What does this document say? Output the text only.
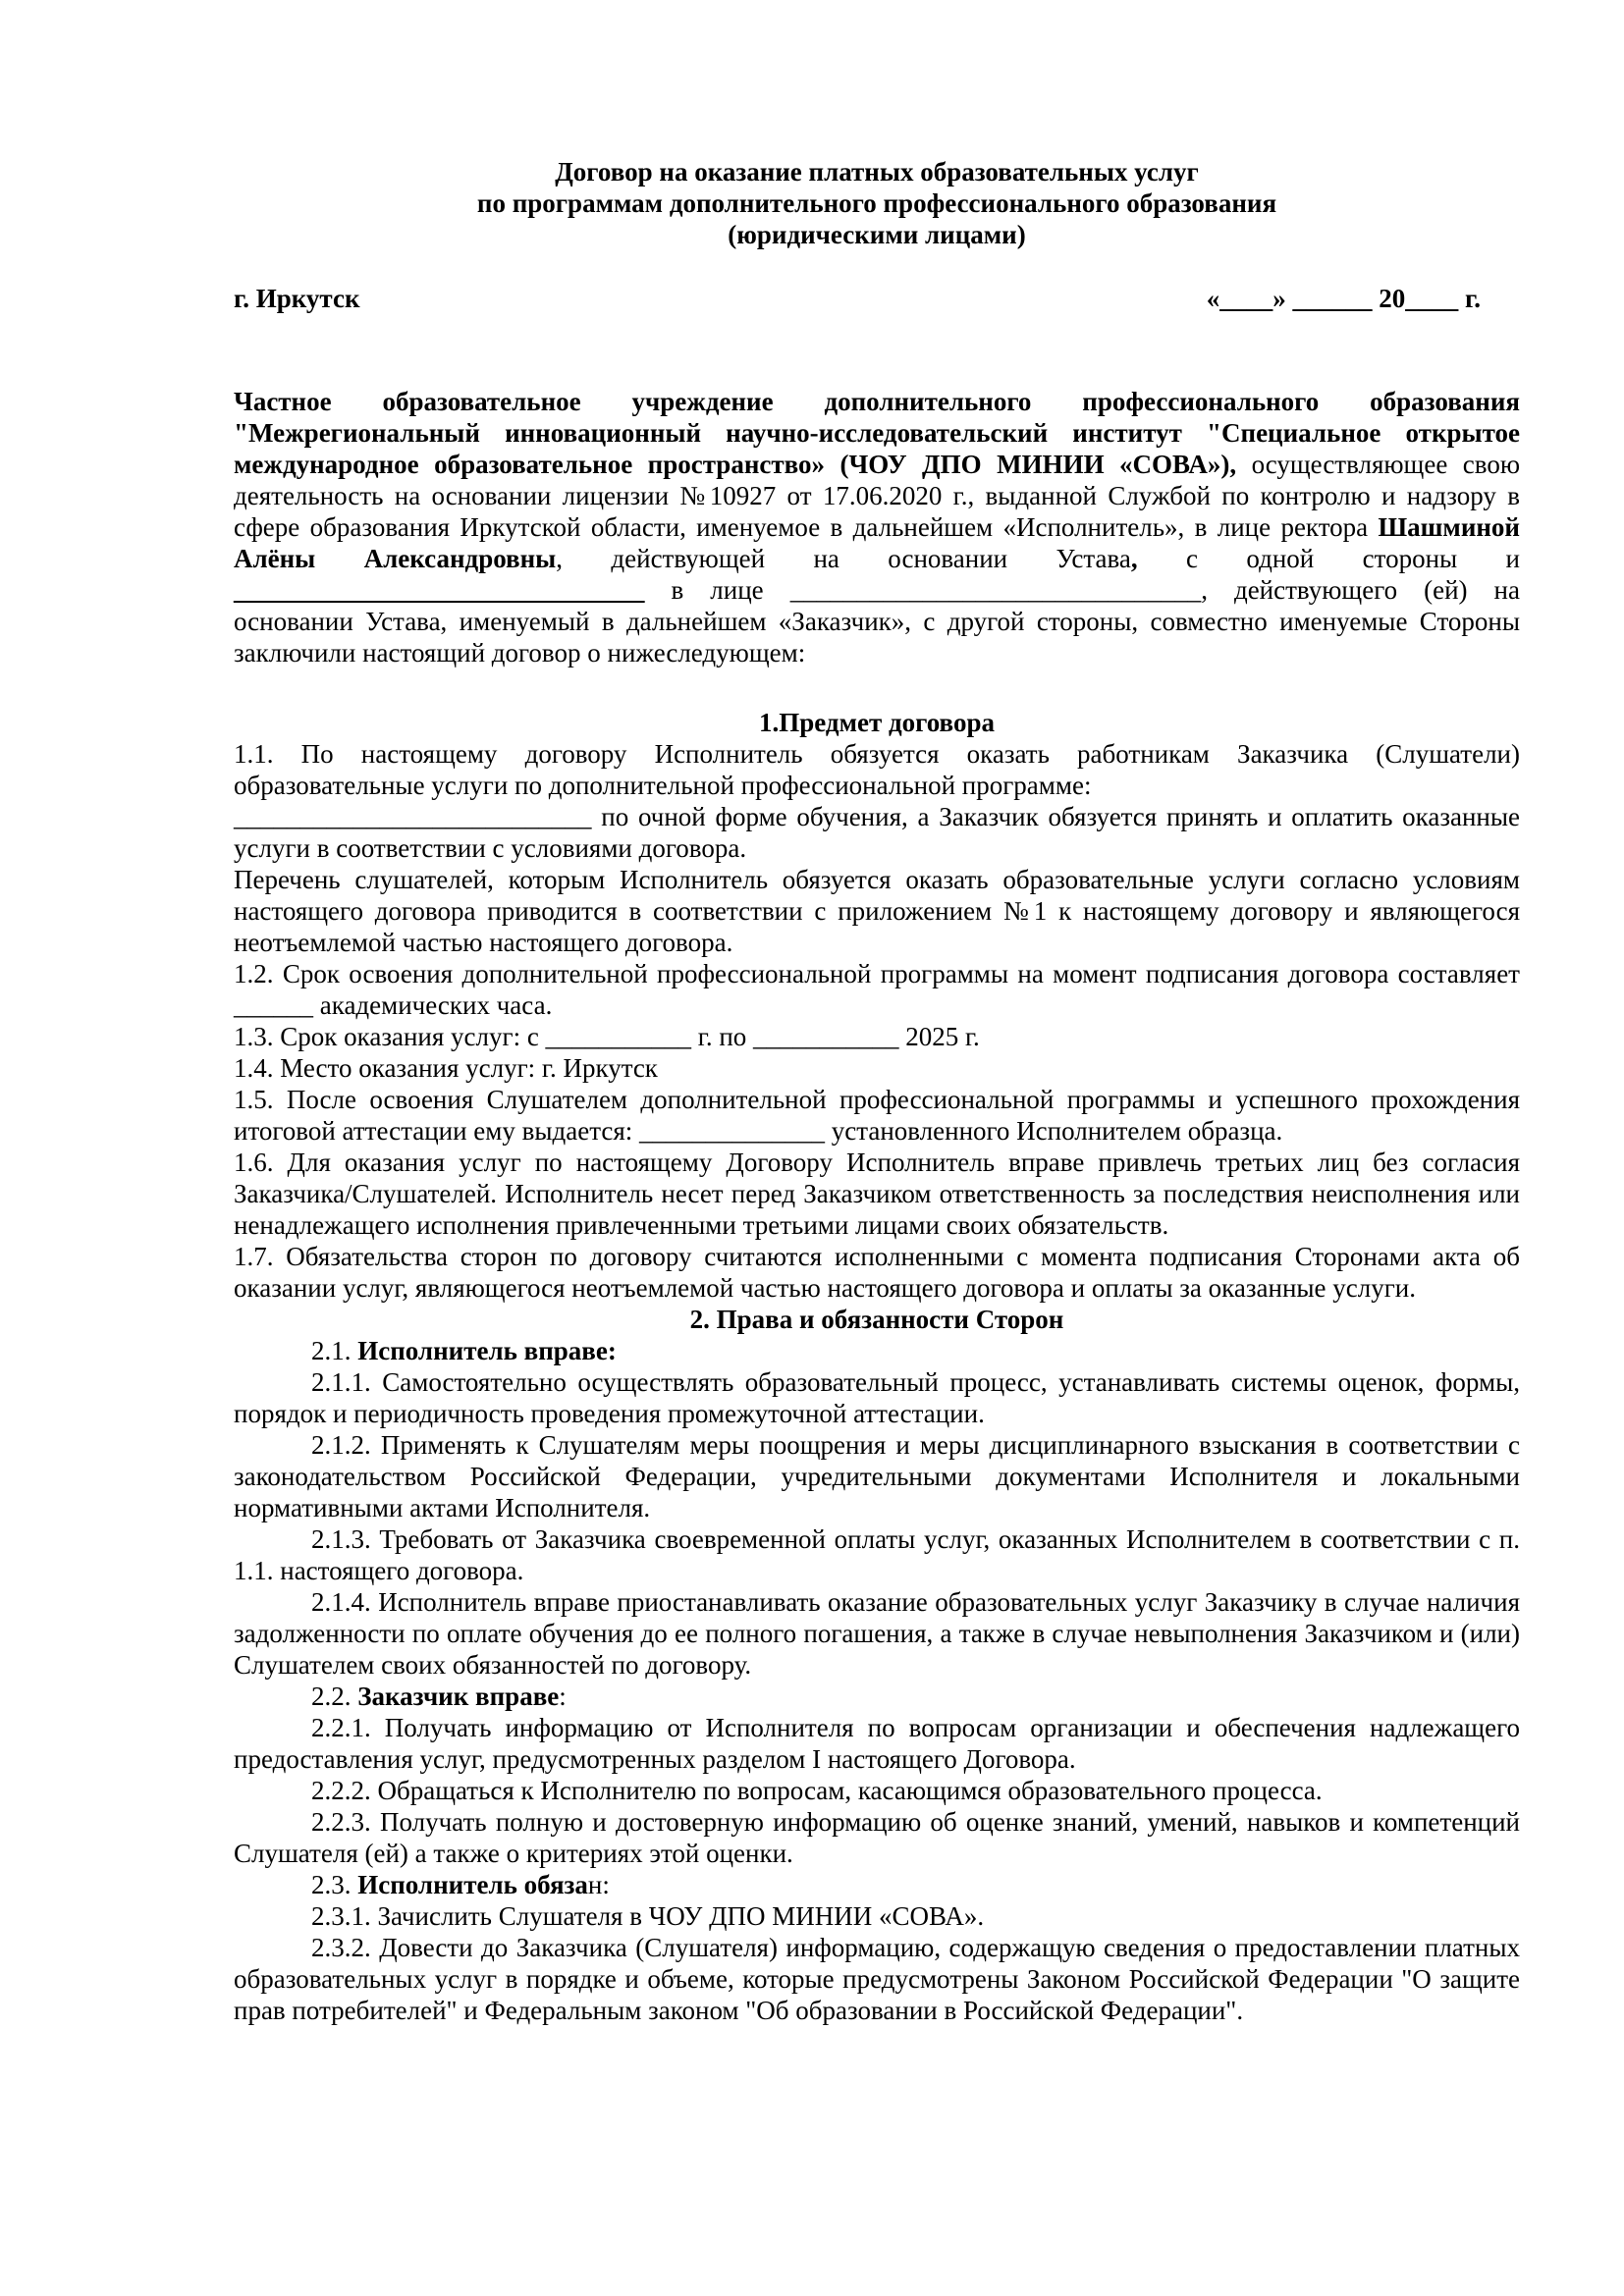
Договор на оказание платных образовательных услуг
по программам дополнительного профессионального образования
(юридическими лицами)
г. Иркутск	«____» ______ 20____ г.

Частное образовательное учреждение дополнительного профессионального образования "Межрегиональный инновационный научно-исследовательский институт "Специальное открытое международное образовательное пространство» (ЧОУ ДПО МИНИИ «СОВА»), осуществляющее свою деятельность на основании лицензии №10927 от 17.06.2020 г., выданной Службой по контролю и надзору в сфере образования Иркутской области, именуемое в дальнейшем «Исполнитель», в лице ректора Шашминой Алёны Александровны, действующей на основании Устава, с одной стороны и _______________________________ в лице _______________________________, действующего (ей) на основании Устава, именуемый в дальнейшем «Заказчик», с другой стороны, совместно именуемые Стороны заключили настоящий договор о нижеследующем:

1.Предмет договора

1.1. По настоящему договору Исполнитель обязуется оказать работникам Заказчика (Слушатели) образовательные услуги по дополнительной профессиональной программе:

___________________________ по очной форме обучения, а Заказчик обязуется принять и оплатить оказанные услуги в соответствии с условиями договора.

Перечень слушателей, которым Исполнитель обязуется оказать образовательные услуги согласно условиям настоящего договора приводится в соответствии с приложением №1 к настоящему договору и являющегося неотъемлемой частью настоящего договора.

1.2. Срок освоения дополнительной профессиональной программы на момент подписания договора составляет ______ академических часа.

1.3. Срок оказания услуг: с ___________ г. по ___________ 2025 г.

1.4. Место оказания услуг: г. Иркутск

1.5. После освоения Слушателем дополнительной профессиональной программы и успешного прохождения итоговой аттестации ему выдается: ______________ установленного Исполнителем образца.

1.6. Для оказания услуг по настоящему Договору Исполнитель вправе привлечь третьих лиц без согласия Заказчика/Слушателей. Исполнитель несет перед Заказчиком ответственность за последствия неисполнения или ненадлежащего исполнения привлеченными третьими лицами своих обязательств.

1.7. Обязательства сторон по договору считаются исполненными с момента подписания Сторонами акта об оказании услуг, являющегося неотъемлемой частью настоящего договора и оплаты за оказанные услуги.

2. Права и обязанности Сторон

2.1. Исполнитель вправе:

2.1.1. Самостоятельно осуществлять образовательный процесс, устанавливать системы оценок, формы, порядок и периодичность проведения промежуточной аттестации.

2.1.2. Применять к Слушателям меры поощрения и меры дисциплинарного взыскания в соответствии с законодательством Российской Федерации, учредительными документами Исполнителя и локальными нормативными актами Исполнителя.

2.1.3. Требовать от Заказчика своевременной оплаты услуг, оказанных Исполнителем в соответствии с п. 1.1. настоящего договора.

2.1.4. Исполнитель вправе приостанавливать оказание образовательных услуг Заказчику в случае наличия задолженности по оплате обучения до ее полного погашения, а также в случае невыполнения Заказчиком и (или) Слушателем своих обязанностей по договору.

2.2. Заказчик вправе:

2.2.1. Получать информацию от Исполнителя по вопросам организации и обеспечения надлежащего предоставления услуг, предусмотренных разделом I настоящего Договора.

2.2.2. Обращаться к Исполнителю по вопросам, касающимся образовательного процесса.

2.2.3. Получать полную и достоверную информацию об оценке знаний, умений, навыков и компетенций Слушателя (ей) а также о критериях этой оценки.

2.3. Исполнитель обязан:

2.3.1. Зачислить Слушателя в ЧОУ ДПО МИНИИ «СОВА».

2.3.2. Довести до Заказчика (Слушателя) информацию, содержащую сведения о предоставлении платных образовательных услуг в порядке и объеме, которые предусмотрены Законом Российской Федерации "О защите прав потребителей" и Федеральным законом "Об образовании в Российской Федерации".
